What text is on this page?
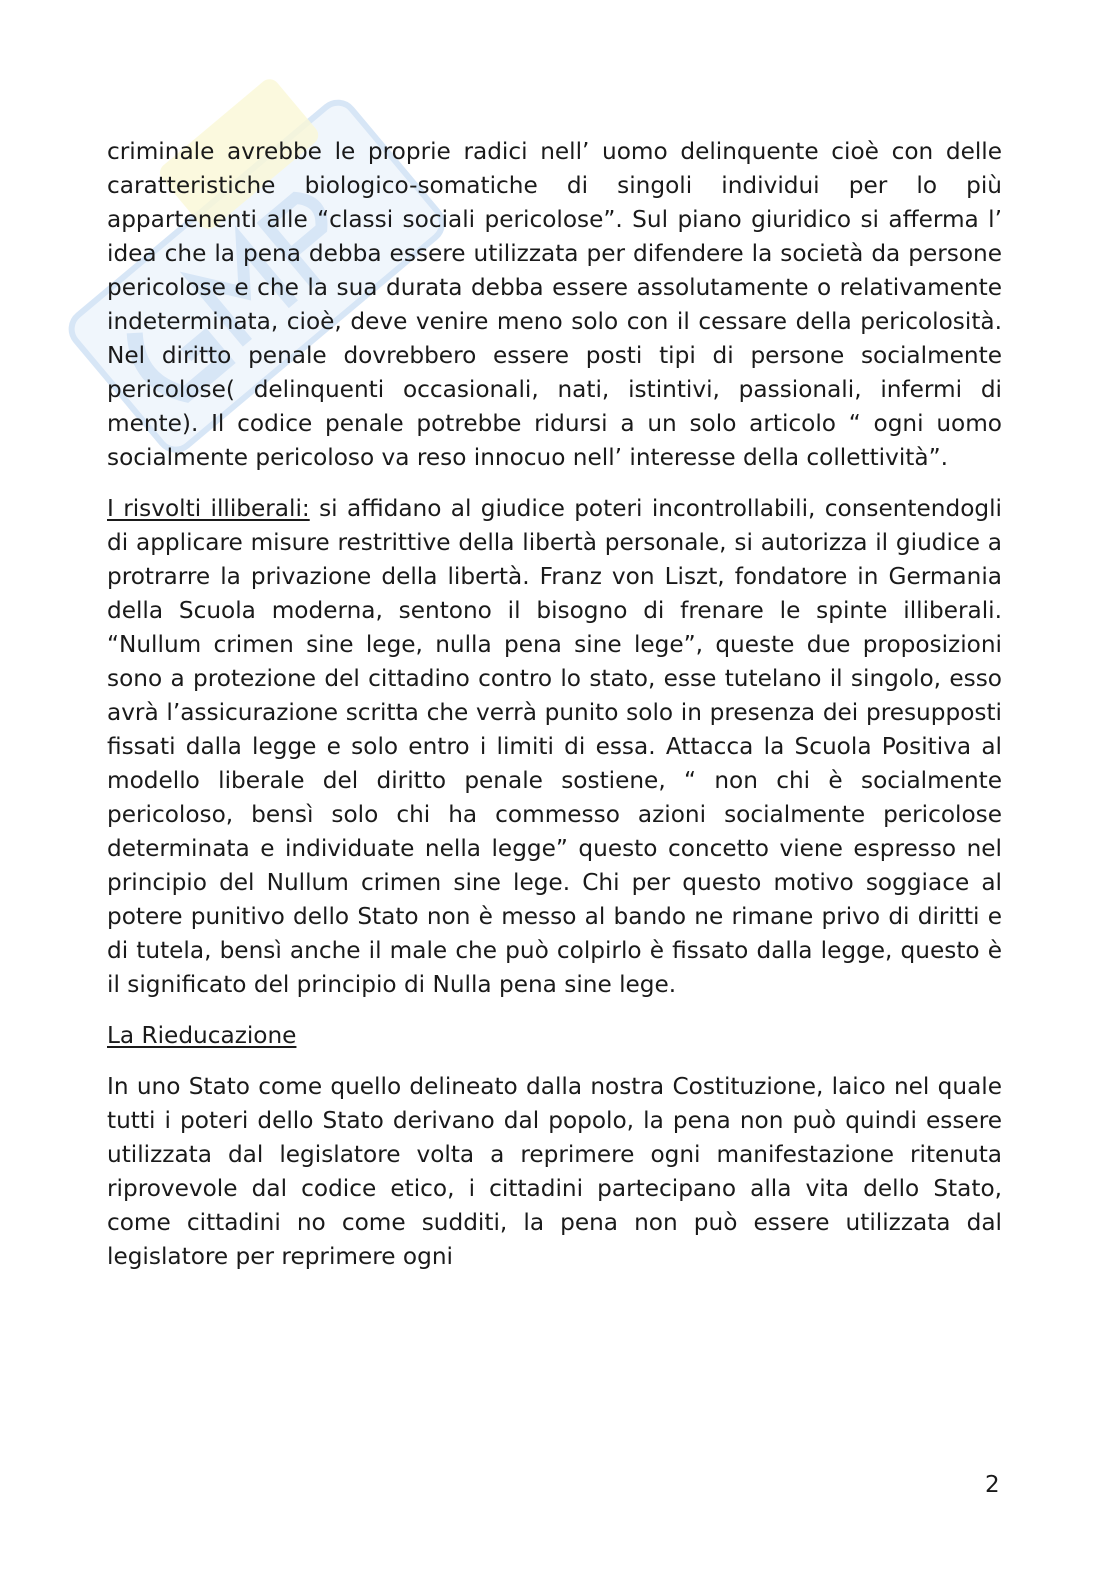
criminale avrebbe le proprie radici nell’ uomo delinquente cioè con delle caratteristiche biologico-somatiche di singoli individui per lo più appartenenti alle “classi sociali pericolose”. Sul piano giuridico si afferma l’ idea che la pena debba essere utilizzata per difendere la società da persone pericolose e che la sua durata debba essere assolutamente o relativamente indeterminata, cioè, deve venire meno solo con il cessare della pericolosità. Nel diritto penale dovrebbero essere posti tipi di persone socialmente pericolose( delinquenti occasionali, nati, istintivi, passionali, infermi di mente). Il codice penale potrebbe ridursi a un solo articolo “ ogni uomo socialmente pericoloso va reso innocuo nell’ interesse della collettività”.

I risvolti illiberali: si affidano al giudice poteri incontrollabili, consentendogli di applicare misure restrittive della libertà personale, si autorizza il giudice a protrarre la privazione della libertà. Franz von Liszt, fondatore in Germania della Scuola moderna, sentono il bisogno di frenare le spinte illiberali. “Nullum crimen sine lege, nulla pena sine lege”, queste due proposizioni sono a protezione del cittadino contro lo stato, esse tutelano il singolo, esso avrà l’assicurazione scritta che verrà punito solo in presenza dei presupposti fissati dalla legge e solo entro i limiti di essa. Attacca la Scuola Positiva al modello liberale del diritto penale sostiene, “ non chi è socialmente pericoloso, bensì solo chi ha commesso azioni socialmente pericolose determinata e individuate nella legge” questo concetto viene espresso nel principio del Nullum crimen sine lege. Chi per questo motivo soggiace al potere punitivo dello Stato non è messo al bando ne rimane privo di diritti e di tutela, bensì anche il male che può colpirlo è fissato dalla legge, questo è il significato del principio di Nulla pena sine lege.

La Rieducazione

In uno Stato come quello delineato dalla nostra Costituzione, laico nel quale tutti i poteri dello Stato derivano dal popolo, la pena non può quindi essere utilizzata dal legislatore volta a reprimere ogni manifestazione ritenuta riprovevole dal codice etico, i cittadini partecipano alla vita dello Stato, come cittadini no come sudditi, la pena non può essere utilizzata dal legislatore per reprimere ogni

2
